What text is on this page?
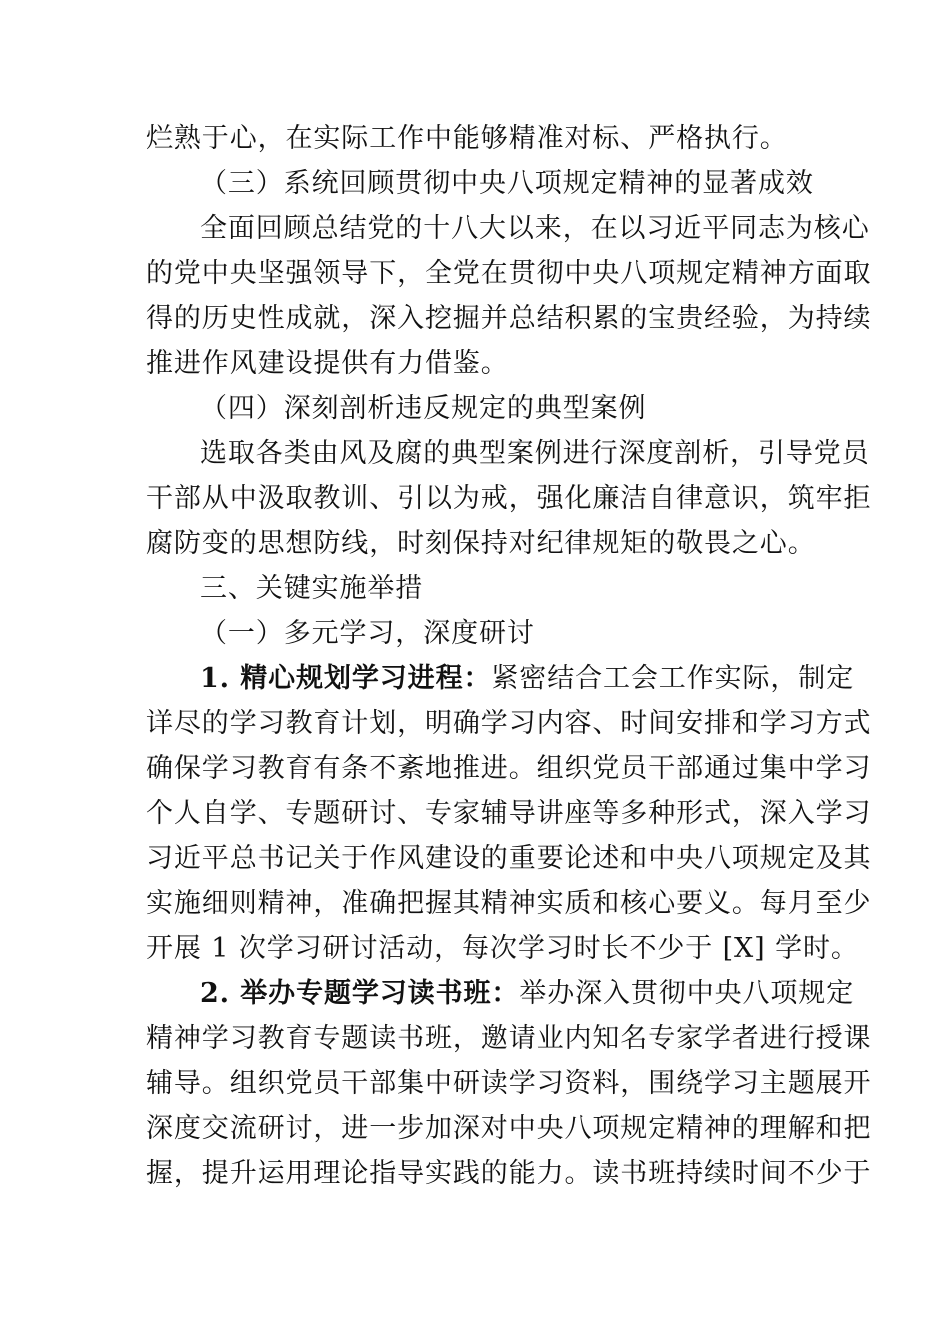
烂熟于心，在实际工作中能够精准对标、严格执行。
（三）系统回顾贯彻中央八项规定精神的显著成效
全面回顾总结党的十八大以来，在以习近平同志为核心
的党中央坚强领导下，全党在贯彻中央八项规定精神方面取
得的历史性成就，深入挖掘并总结积累的宝贵经验，为持续
推进作风建设提供有力借鉴。
（四）深刻剖析违反规定的典型案例
选取各类由风及腐的典型案例进行深度剖析，引导党员
干部从中汲取教训、引以为戒，强化廉洁自律意识，筑牢拒
腐防变的思想防线，时刻保持对纪律规矩的敬畏之心。
三、关键实施举措
（一）多元学习，深度研讨
1. 精心规划学习进程：紧密结合工会工作实际，制定
详尽的学习教育计划，明确学习内容、时间安排和学习方式
确保学习教育有条不紊地推进。组织党员干部通过集中学习
个人自学、专题研讨、专家辅导讲座等多种形式，深入学习
习近平总书记关于作风建设的重要论述和中央八项规定及其
实施细则精神，准确把握其精神实质和核心要义。每月至少
开展 1 次学习研讨活动，每次学习时长不少于 [X] 学时。
2. 举办专题学习读书班：举办深入贯彻中央八项规定
精神学习教育专题读书班，邀请业内知名专家学者进行授课
辅导。组织党员干部集中研读学习资料，围绕学习主题展开
深度交流研讨，进一步加深对中央八项规定精神的理解和把
握，提升运用理论指导实践的能力。读书班持续时间不少于
